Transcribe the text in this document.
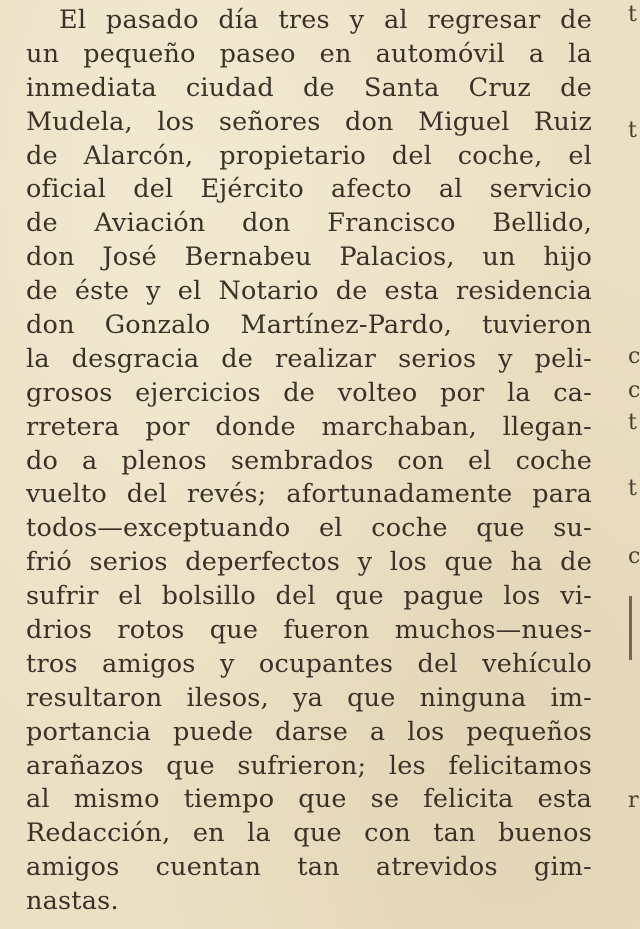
El pasado día tres y al regresar de
un pequeño paseo en automóvil a la
inmediata ciudad de Santa Cruz de
Mudela, los señores don Miguel Ruiz
de Alarcón, propietario del coche, el
oficial del Ejército afecto al servicio
de Aviación don Francisco Bellido,
don José Bernabeu Palacios, un hijo
de éste y el Notario de esta residencia
don Gonzalo Martínez-Pardo, tuvieron
la desgracia de realizar serios y peli-
grosos ejercicios de volteo por la ca-
rretera por donde marchaban, llegan-
do a plenos sembrados con el coche
vuelto del revés; afortunadamente para
todos—exceptuando el coche que su-
frió serios deperfectos y los que ha de
sufrir el bolsillo del que pague los vi-
drios rotos que fueron muchos—nues-
tros amigos y ocupantes del vehículo
resultaron ilesos, ya que ninguna im-
portancia puede darse a los pequeños
arañazos que sufrieron; les felicitamos
al mismo tiempo que se felicita esta
Redacción, en la que con tan buenos
amigos cuentan tan atrevidos gim-
nastas.
t
t
c
c
t
t
c
r
